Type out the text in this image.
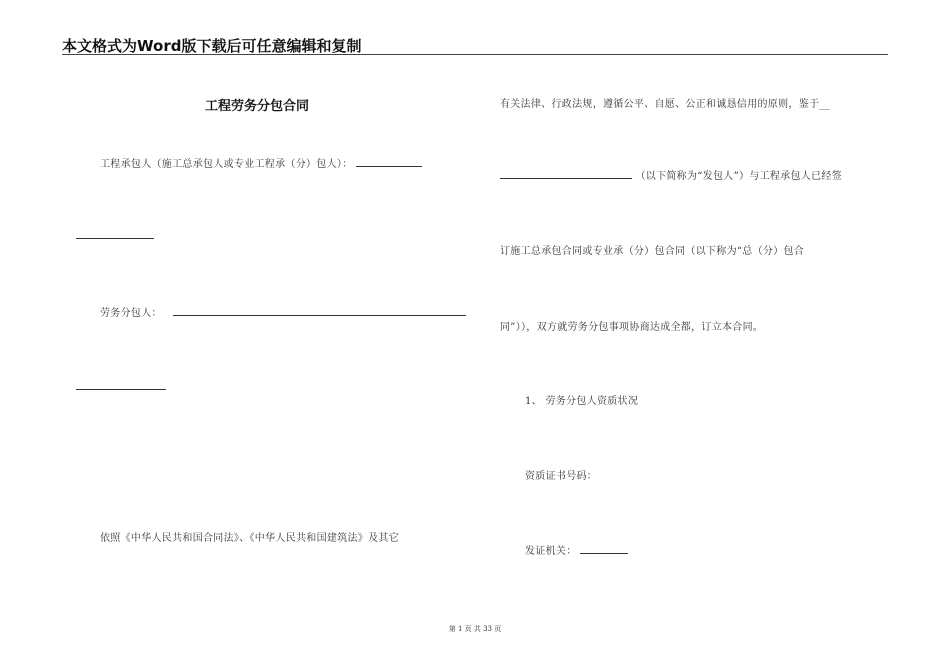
本文格式为Word版下载后可任意编辑和复制
工程劳务分包合同
工程承包人（施工总承包人或专业工程承（分）包人）：
劳务分包人：
依照《中华人民共和国合同法》、《中华人民共和国建筑法》及其它
有关法律、行政法规，遵循公平、自愿、公正和诚恳信用的原则，鉴于__
（以下简称为“发包人”）与工程承包人已经签
订施工总承包合同或专业承（分）包合同（以下称为“总（分）包合
同”）），双方就劳务分包事项协商达成全都，订立本合同。
1、 劳务分包人资质状况
资质证书号码：
发证机关：
第 1 页 共 33 页
